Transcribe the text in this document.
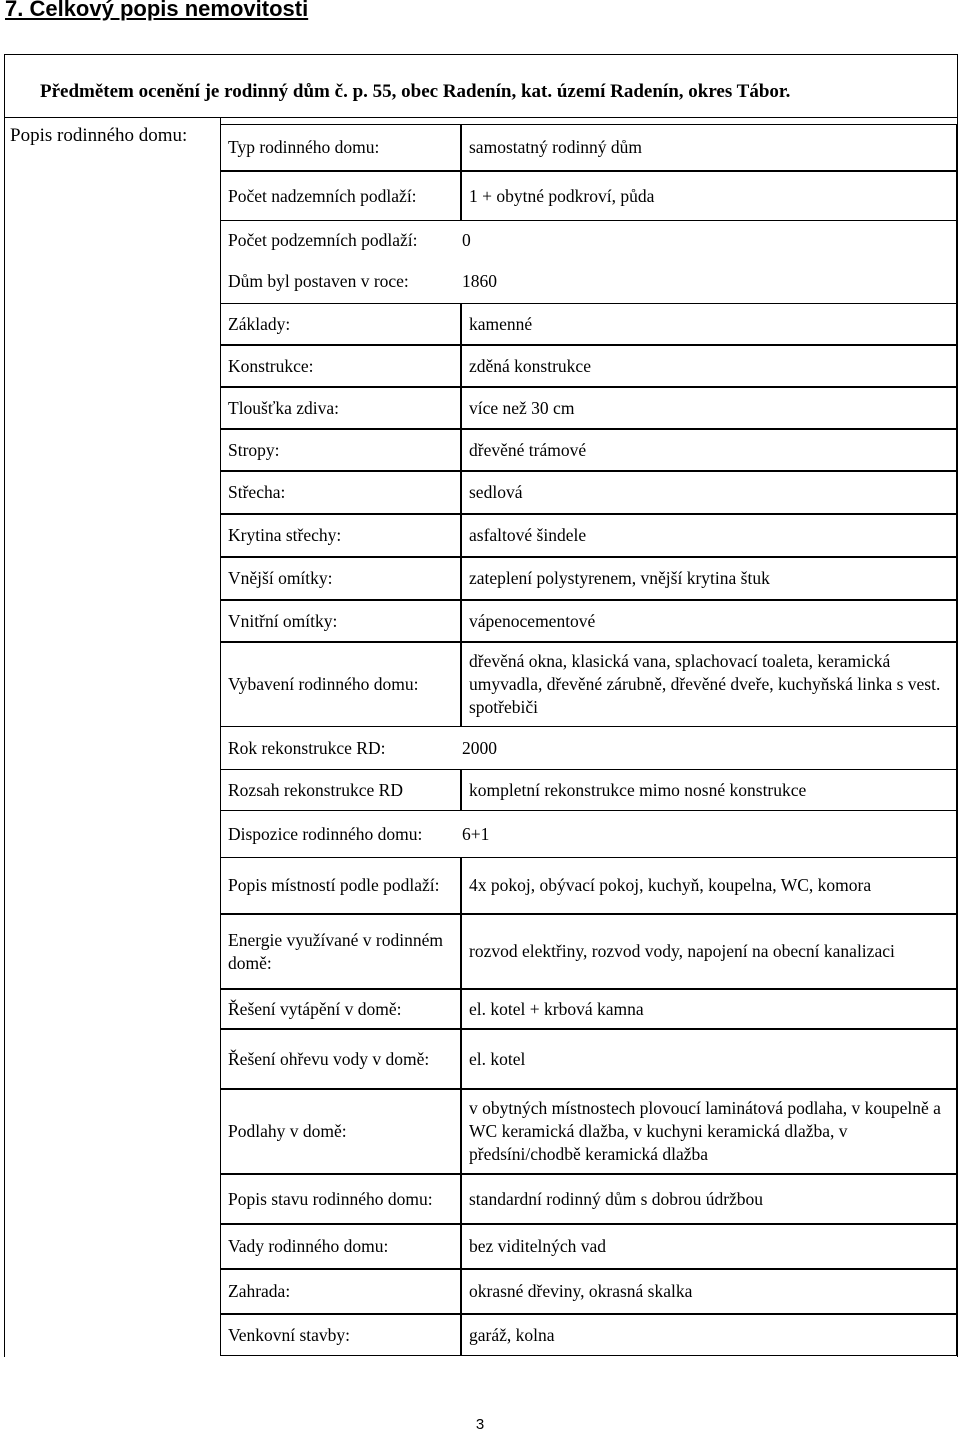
7. Celkový popis nemovitosti
Předmětem ocenění je rodinný dům č. p. 55, obec Radenín, kat. území Radenín, okres Tábor.
Popis rodinného domu:
Typ rodinného domu:	samostatný rodinný dům
Počet nadzemních podlaží:	1 + obytné podkroví, půda
Počet podzemních podlaží:	0
Dům byl postaven v roce:	1860
Základy:	kamenné
Konstrukce:	zděná konstrukce
Tloušťka zdiva:	více než 30 cm
Stropy:	dřevěné trámové
Střecha:	sedlová
Krytina střechy:	asfaltové šindele
Vnější omítky:	zateplení polystyrenem, vnější krytina štuk
Vnitřní omítky:	vápenocementové
Vybavení rodinného domu:
dřevěná okna, klasická vana, splachovací toaleta, keramická umyvadla, dřevěné zárubně, dřevěné dveře, kuchyňská linka s vest. spotřebiči
Rok rekonstrukce RD:	2000
Rozsah rekonstrukce RD	kompletní rekonstrukce mimo nosné konstrukce
Dispozice rodinného domu:	6+1
Popis místností podle podlaží: 4x pokoj, obývací pokoj, kuchyň, koupelna, WC, komora
Energie využívané v rodinném domě:
rozvod elektřiny, rozvod vody, napojení na obecní kanalizaci
Řešení vytápění v domě:	el. kotel + krbová kamna
Řešení ohřevu vody v domě: el. kotel
Podlahy v domě:
v obytných místnostech plovoucí laminátová podlaha, v koupelně a WC keramická dlažba, v kuchyni keramická dlažba, v předsíni/chodbě keramická dlažba
Popis stavu rodinného domu: standardní rodinný dům s dobrou údržbou
Vady rodinného domu:	bez viditelných vad
Zahrada:	okrasné dřeviny, okrasná skalka
Venkovní stavby:	garáž, kolna
3
